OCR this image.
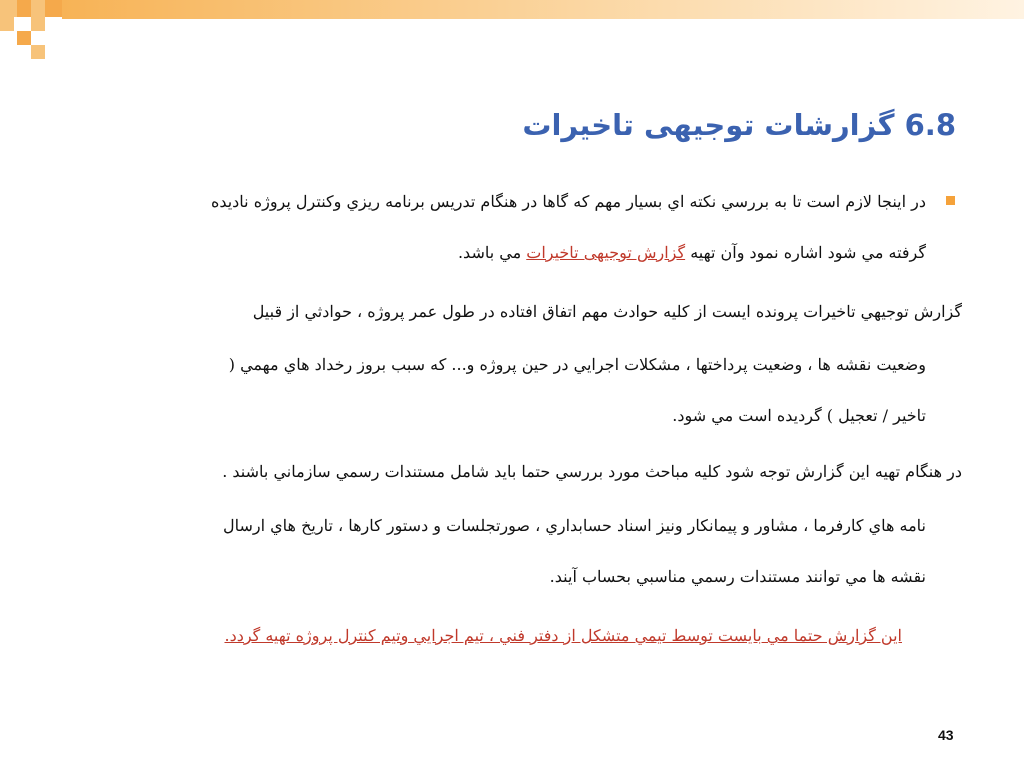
6.8 گزارشات توجیهی تاخیرات
در اينجا لازم است تا به بررسي نكته اي بسيار مهم كه گاها در هنگام تدريس برنامه ريزي وكنترل پروژه ناديده
گرفته مي شود اشاره نمود وآن تهيه گزارش توجیهی تاخیرات مي باشد.
گزارش توجيهي تاخيرات پرونده ايست از كليه حوادث مهم اتفاق افتاده در طول عمر پروژه ، حوادثي از قبيل
وضعيت نقشه ها ، وضعيت پرداختها ، مشكلات اجرايي در حين پروژه و... كه سبب بروز رخداد هاي مهمي (
تاخير / تعجيل ) گرديده است مي شود.
در هنگام تهيه اين گزارش توجه شود كليه مباحث مورد بررسي حتما بايد شامل مستندات رسمي سازماني باشند .
نامه هاي كارفرما ، مشاور و پيمانكار ونيز اسناد حسابداري ، صورتجلسات و دستور كارها ، تاريخ هاي ارسال
نقشه ها مي توانند مستندات رسمي مناسبي بحساب آيند.
اين گزارش حتما مي بايست توسط تيمي متشكل از دفتر فني ، تيم اجرايي وتيم كنترل پروژه تهيه گردد.
43
